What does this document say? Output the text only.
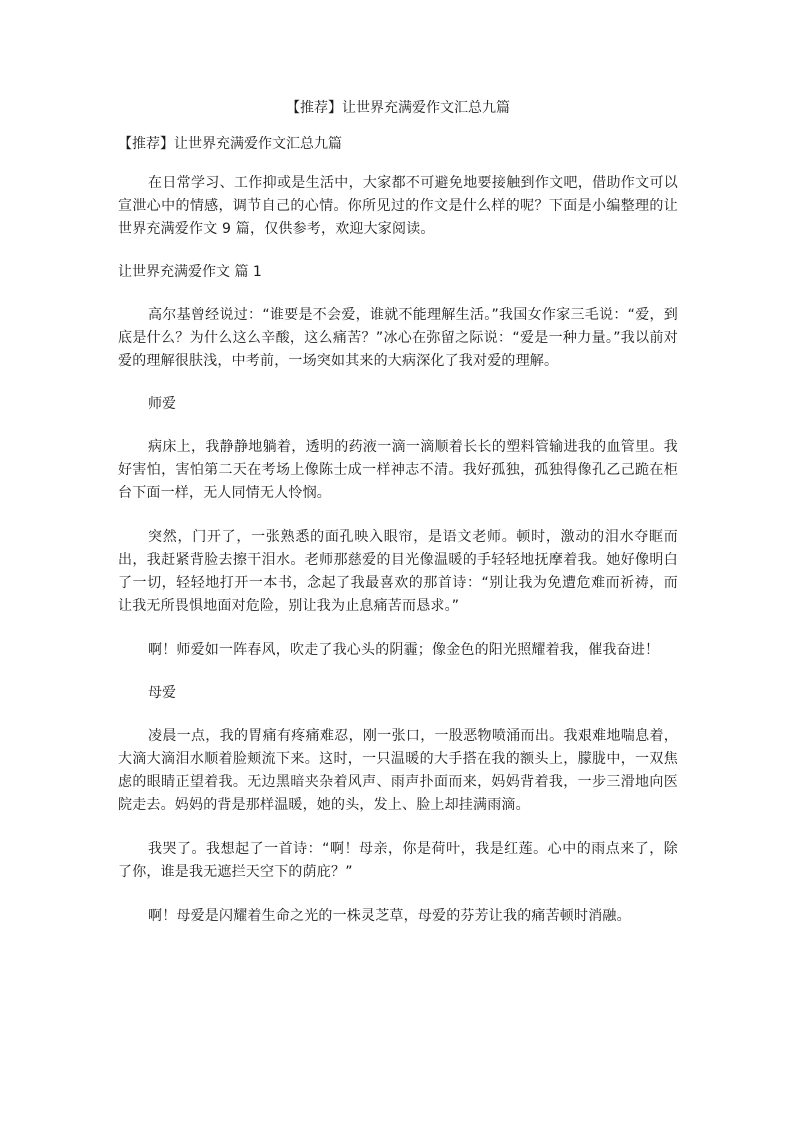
【推荐】让世界充满爱作文汇总九篇
【推荐】让世界充满爱作文汇总九篇

在日常学习、工作抑或是生活中，大家都不可避免地要接触到作文吧，借助作文可以宣泄心中的情感，调节自己的心情。你所见过的作文是什么样的呢？下面是小编整理的让世界充满爱作文 9 篇，仅供参考，欢迎大家阅读。

让世界充满爱作文 篇 1

高尔基曾经说过：“谁要是不会爱，谁就不能理解生活。”我国女作家三毛说：“爱，到底是什么？为什么这么辛酸，这么痛苦？”冰心在弥留之际说：“爱是一种力量。”我以前对爱的理解很肤浅，中考前，一场突如其来的大病深化了我对爱的理解。

师爱

病床上，我静静地躺着，透明的药液一滴一滴顺着长长的塑料管输进我的血管里。我好害怕，害怕第二天在考场上像陈士成一样神志不清。我好孤独，孤独得像孔乙己跪在柜台下面一样，无人同情无人怜悯。

突然，门开了，一张熟悉的面孔映入眼帘，是语文老师。顿时，激动的泪水夺眶而出，我赶紧背脸去擦干泪水。老师那慈爱的目光像温暖的手轻轻地抚摩着我。她好像明白了一切，轻轻地打开一本书，念起了我最喜欢的那首诗：“别让我为免遭危难而祈祷，而让我无所畏惧地面对危险，别让我为止息痛苦而恳求。”

啊！师爱如一阵春风，吹走了我心头的阴霾；像金色的阳光照耀着我，催我奋进！

母爱

凌晨一点，我的胃痛有疼痛难忍，刚一张口，一股恶物喷涌而出。我艰难地喘息着，大滴大滴泪水顺着脸颊流下来。这时，一只温暖的大手搭在我的额头上，朦胧中，一双焦虑的眼睛正望着我。无边黑暗夹杂着风声、雨声扑面而来，妈妈背着我，一步三滑地向医院走去。妈妈的背是那样温暖，她的头，发上、脸上却挂满雨滴。

我哭了。我想起了一首诗：“啊！母亲，你是荷叶，我是红莲。心中的雨点来了，除了你，谁是我无遮拦天空下的荫庇？”

啊！母爱是闪耀着生命之光的一株灵芝草，母爱的芬芳让我的痛苦顿时消融。
